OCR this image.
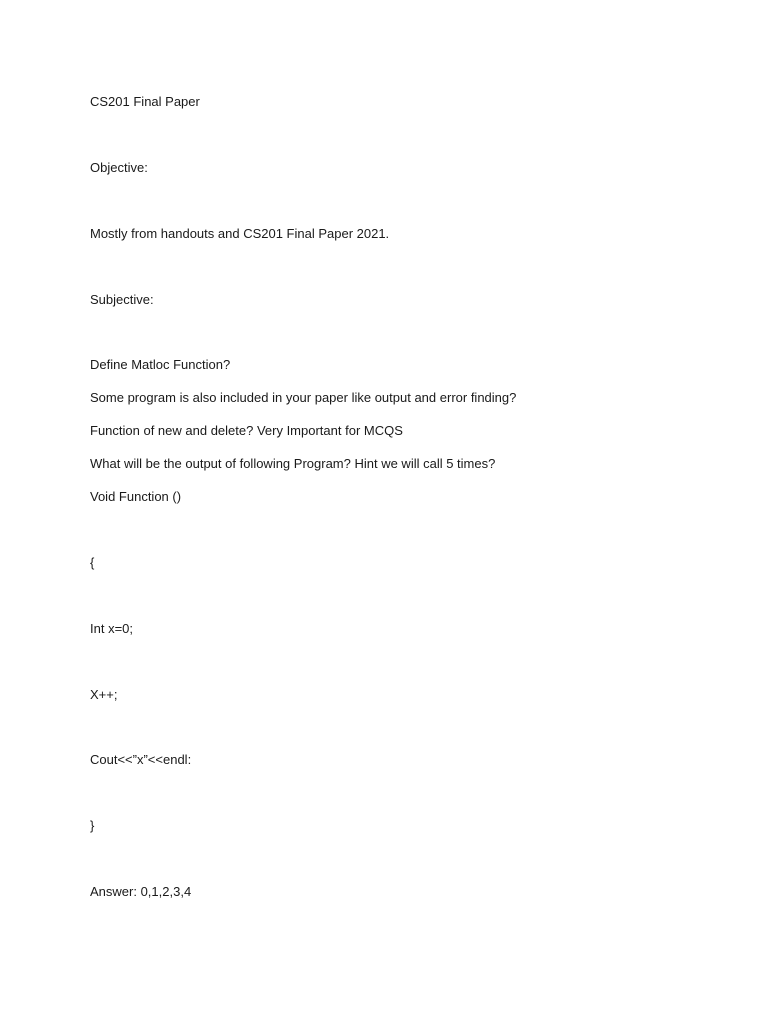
CS201 Final Paper

Objective:

Mostly from handouts and CS201 Final Paper 2021.

Subjective:

Define Matloc Function?

Some program is also included in your paper like output and error finding?

Function of new and delete? Very Important for MCQS

What will be the output of following Program? Hint we will call 5 times?

Void Function ()

{

Int x=0;

X++;

Cout<<”x”<<endl:

}

Answer: 0,1,2,3,4
